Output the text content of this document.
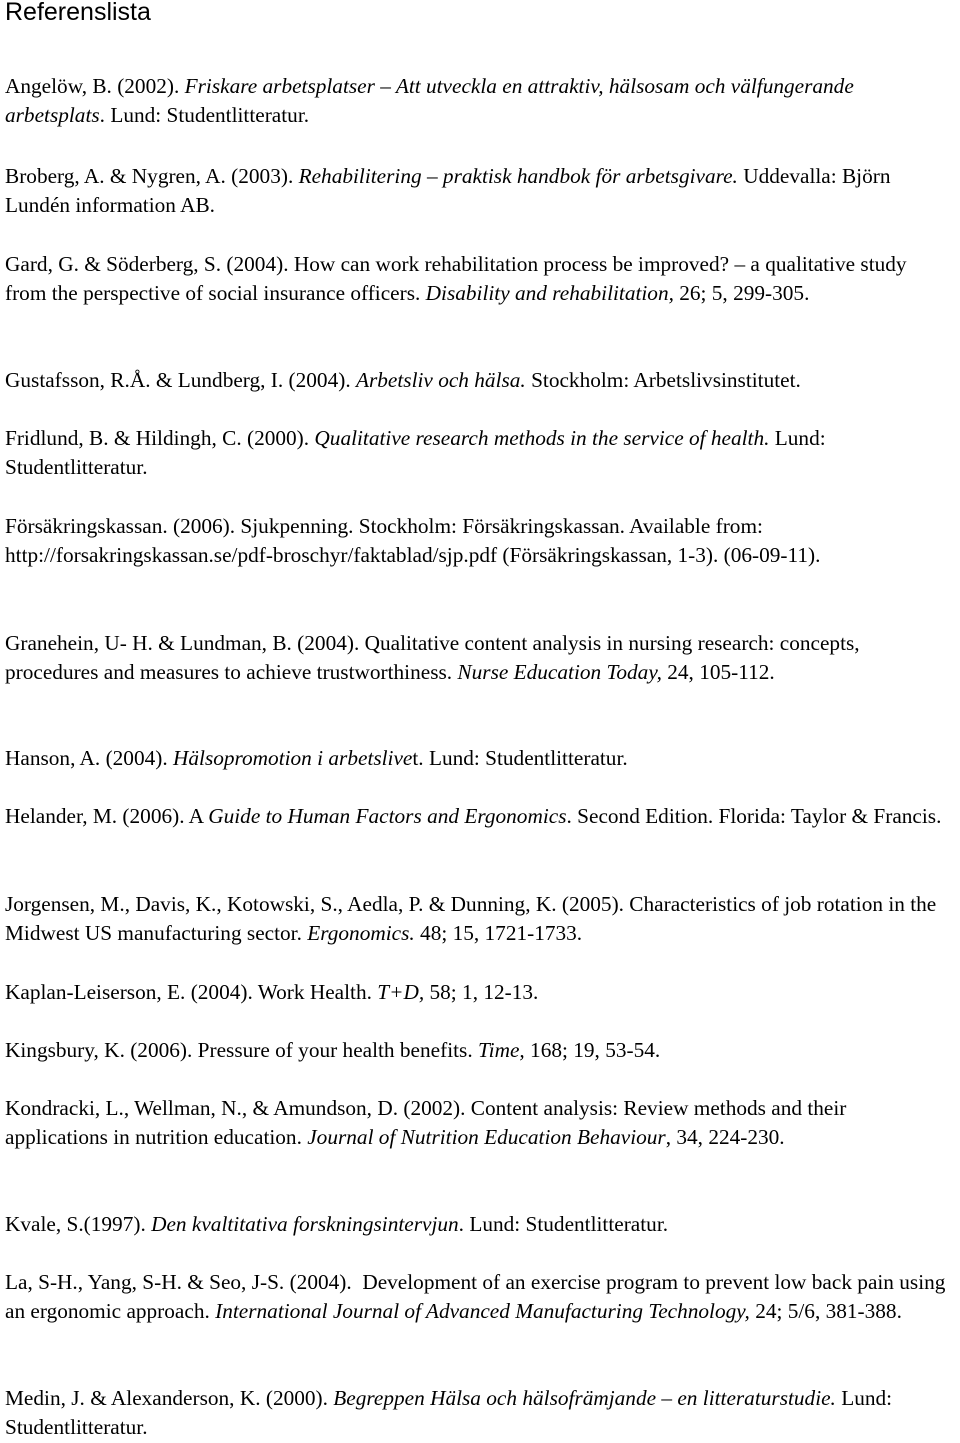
Referenslista
Angelöw, B. (2002). Friskare arbetsplatser – Att utveckla en attraktiv, hälsosam och välfungerande arbetsplats. Lund: Studentlitteratur.
Broberg, A. & Nygren, A. (2003). Rehabilitering – praktisk handbok för arbetsgivare. Uddevalla: Björn Lundén information AB.
Gard, G. & Söderberg, S. (2004). How can work rehabilitation process be improved? – a qualitative study from the perspective of social insurance officers. Disability and rehabilitation, 26; 5, 299-305.
Gustafsson, R.Å. & Lundberg, I. (2004). Arbetsliv och hälsa. Stockholm: Arbetslivsinstitutet.
Fridlund, B. & Hildingh, C. (2000). Qualitative research methods in the service of health. Lund: Studentlitteratur.
Försäkringskassan. (2006). Sjukpenning. Stockholm: Försäkringskassan. Available from: http://forsakringskassan.se/pdf-broschyr/faktablad/sjp.pdf (Försäkringskassan, 1-3). (06-09-11).
Granehein, U- H. & Lundman, B. (2004). Qualitative content analysis in nursing research: concepts, procedures and measures to achieve trustworthiness. Nurse Education Today, 24, 105-112.
Hanson, A. (2004). Hälsopromotion i arbetslivet. Lund: Studentlitteratur.
Helander, M. (2006). A Guide to Human Factors and Ergonomics. Second Edition. Florida: Taylor & Francis.
Jorgensen, M., Davis, K., Kotowski, S., Aedla, P. & Dunning, K. (2005). Characteristics of job rotation in the Midwest US manufacturing sector. Ergonomics. 48; 15, 1721-1733.
Kaplan-Leiserson, E. (2004). Work Health. T+D, 58; 1, 12-13.
Kingsbury, K. (2006). Pressure of your health benefits. Time, 168; 19, 53-54.
Kondracki, L., Wellman, N., & Amundson, D. (2002). Content analysis: Review methods and their applications in nutrition education. Journal of Nutrition Education Behaviour, 34, 224-230.
Kvale, S.(1997). Den kvaltitativa forskningsintervjun. Lund: Studentlitteratur.
La, S-H., Yang, S-H. & Seo, J-S. (2004).  Development of an exercise program to prevent low back pain using an ergonomic approach. International Journal of Advanced Manufacturing Technology, 24; 5/6, 381-388.
Medin, J. & Alexanderson, K. (2000). Begreppen Hälsa och hälsofrämjande – en litteraturstudie. Lund: Studentlitteratur.
